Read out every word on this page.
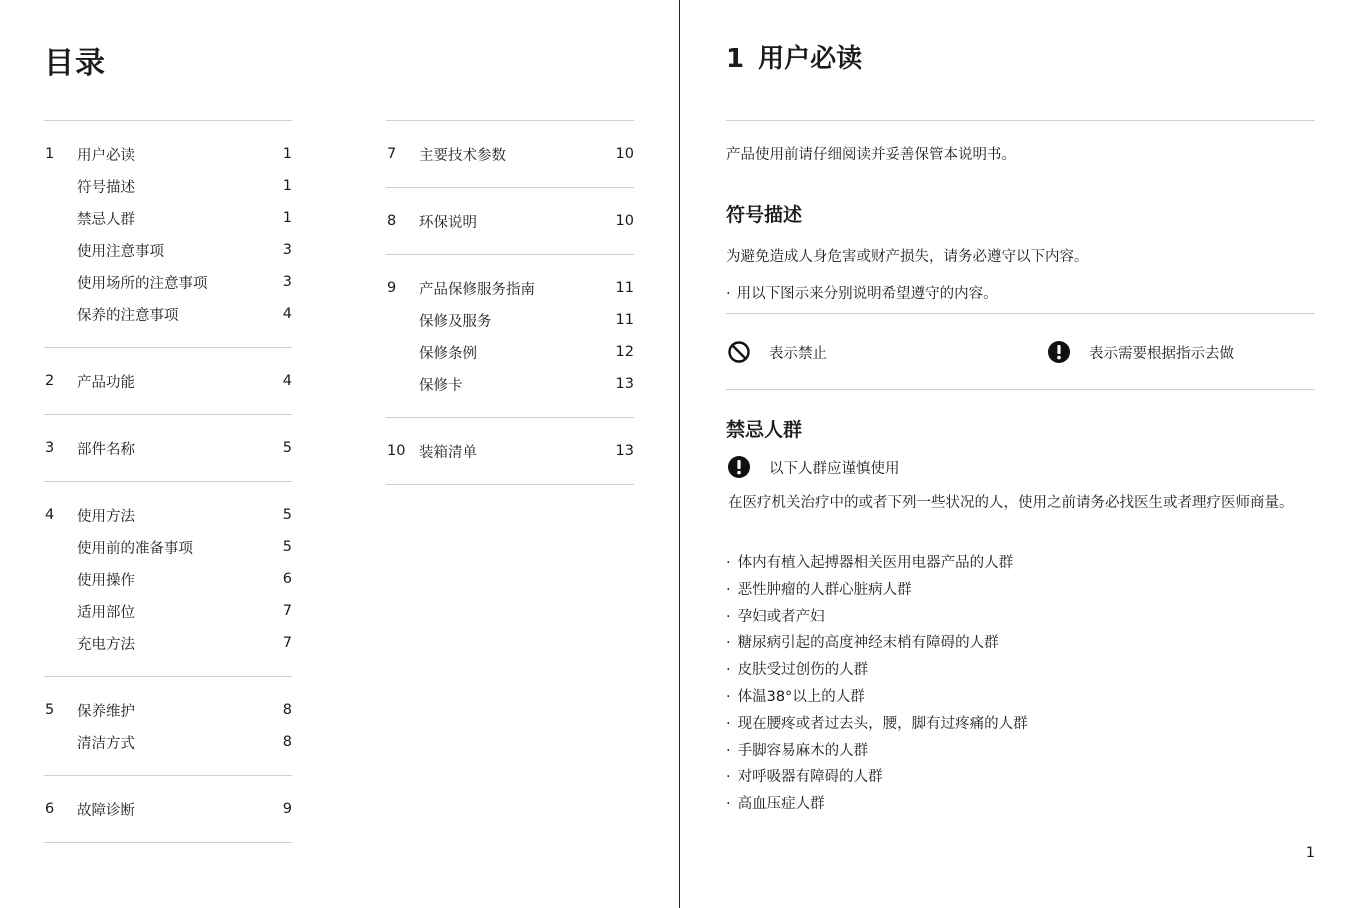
目录
1	用户必读	1
符号描述	1
禁忌人群	1
使用注意事项	3
使用场所的注意事项	3
保养的注意事项	4
2	产品功能	4
3	部件名称	5
4	使用方法	5
使用前的准备事项	5
使用操作	6
适用部位	7
充电方法	7
5	保养维护	8
清洁方式	8
6	故障诊断	9
7	主要技术参数	10
8	环保说明	10
9	产品保修服务指南	11
保修及服务	11
保修条例	12
保修卡	13
10 装箱清单	13
1 用户必读
产品使用前请仔细阅读并妥善保管本说明书。
符号描述
为避免造成人身危害或财产损失，请务必遵守以下内容。
· 用以下图示来分别说明希望遵守的内容。
表示禁止	表示需要根据指示去做
禁忌人群
以下人群应谨慎使用
在医疗机关治疗中的或者下列一些状况的人，使用之前请务必找医生或者理疗医师商量。
· 体内有植入起搏器相关医用电器产品的人群
· 恶性肿瘤的人群心脏病人群
· 孕妇或者产妇
· 糖尿病引起的高度神经末梢有障碍的人群
· 皮肤受过创伤的人群
· 体温38°以上的人群
· 现在腰疼或者过去头，腰，脚有过疼痛的人群
· 手脚容易麻木的人群
· 对呼吸器有障碍的人群
· 高血压症人群
1
